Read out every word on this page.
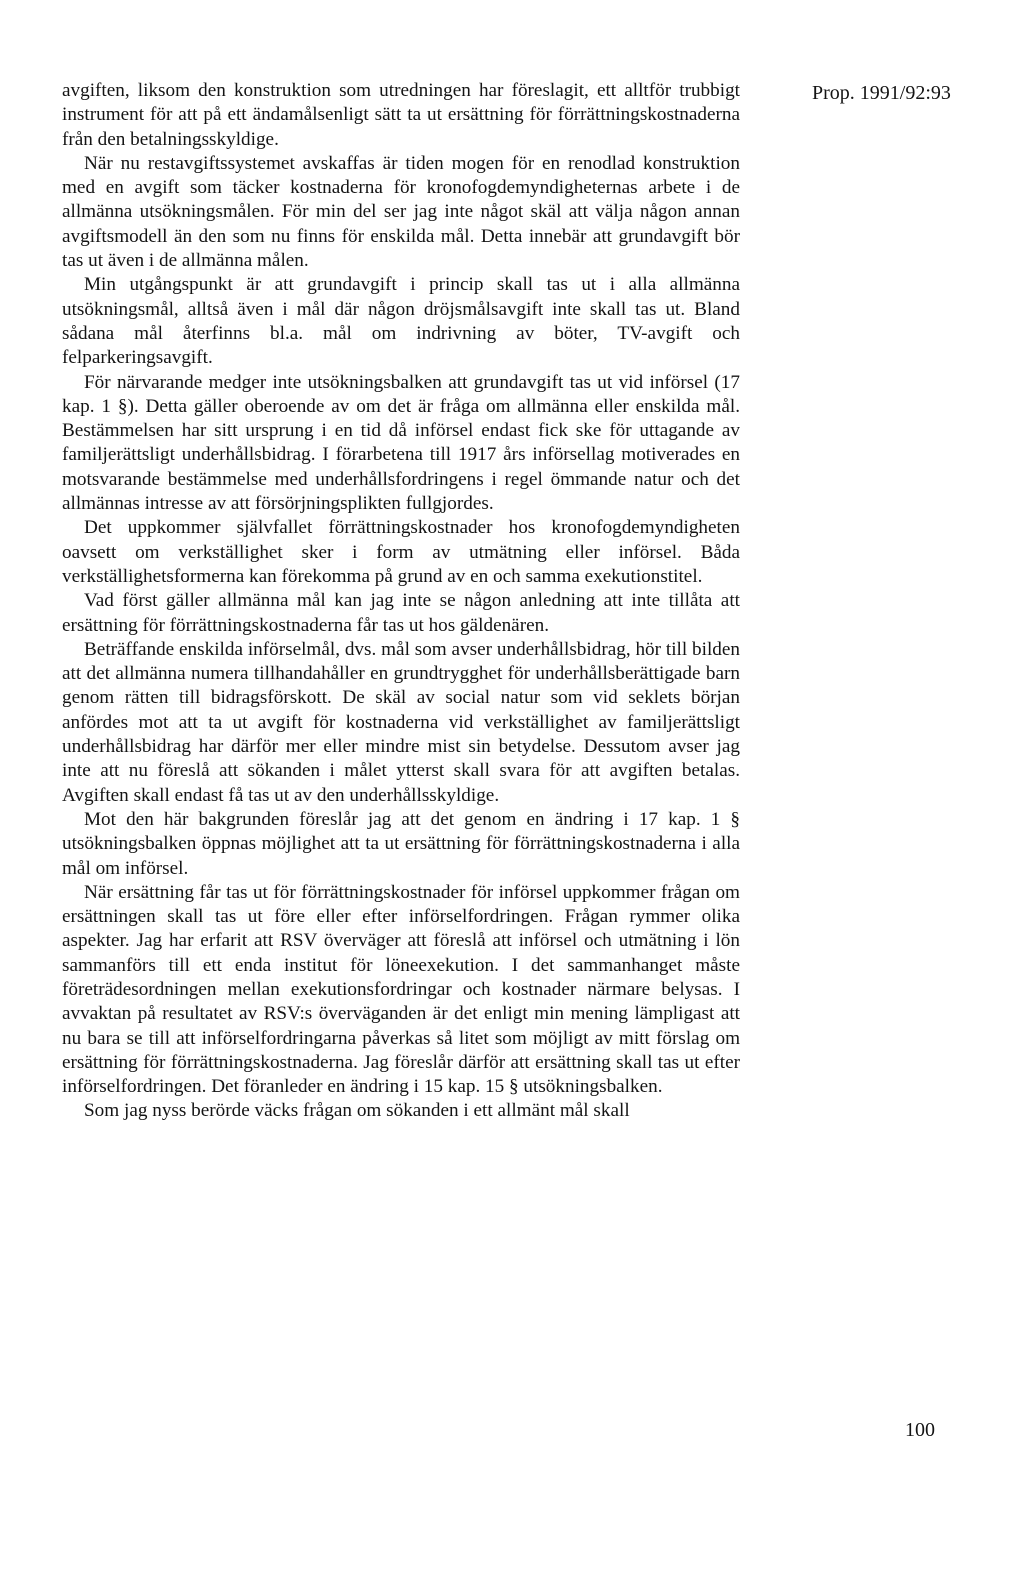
Prop. 1991/92:93

avgiften, liksom den konstruktion som utredningen har föreslagit, ett alltför trubbigt instrument för att på ett ändamålsenligt sätt ta ut ersättning för förrättningskostnaderna från den betalningsskyldige.

När nu restavgiftssystemet avskaffas är tiden mogen för en renodlad konstruktion med en avgift som täcker kostnaderna för kronofogdemyndigheternas arbete i de allmänna utsökningsmålen. För min del ser jag inte något skäl att välja någon annan avgiftsmodell än den som nu finns för enskilda mål. Detta innebär att grundavgift bör tas ut även i de allmänna målen.

Min utgångspunkt är att grundavgift i princip skall tas ut i alla allmänna utsökningsmål, alltså även i mål där någon dröjsmålsavgift inte skall tas ut. Bland sådana mål återfinns bl.a. mål om indrivning av böter, TV-avgift och felparkeringsavgift.

För närvarande medger inte utsökningsbalken att grundavgift tas ut vid införsel (17 kap. 1 §). Detta gäller oberoende av om det är fråga om allmänna eller enskilda mål. Bestämmelsen har sitt ursprung i en tid då införsel endast fick ske för uttagande av familjerättsligt underhållsbidrag. I förarbetena till 1917 års införsellag motiverades en motsvarande bestämmelse med underhållsfordringens i regel ömmande natur och det allmännas intresse av att försörjningsplikten fullgjordes.

Det uppkommer självfallet förrättningskostnader hos kronofogdemyndigheten oavsett om verkställighet sker i form av utmätning eller införsel. Båda verkställighetsformerna kan förekomma på grund av en och samma exekutionstitel.

Vad först gäller allmänna mål kan jag inte se någon anledning att inte tillåta att ersättning för förrättningskostnaderna får tas ut hos gäldenären.

Beträffande enskilda införselmål, dvs. mål som avser underhållsbidrag, hör till bilden att det allmänna numera tillhandahåller en grundtrygghet för underhållsberättigade barn genom rätten till bidragsförskott. De skäl av social natur som vid seklets början anfördes mot att ta ut avgift för kostnaderna vid verkställighet av familjerättsligt underhållsbidrag har därför mer eller mindre mist sin betydelse. Dessutom avser jag inte att nu föreslå att sökanden i målet ytterst skall svara för att avgiften betalas. Avgiften skall endast få tas ut av den underhållsskyldige.

Mot den här bakgrunden föreslår jag att det genom en ändring i 17 kap. 1 § utsökningsbalken öppnas möjlighet att ta ut ersättning för förrättningskostnaderna i alla mål om införsel.

När ersättning får tas ut för förrättningskostnader för införsel uppkommer frågan om ersättningen skall tas ut före eller efter införselfordringen. Frågan rymmer olika aspekter. Jag har erfarit att RSV överväger att föreslå att införsel och utmätning i lön sammanförs till ett enda institut för löneexekution. I det sammanhanget måste företrädesordningen mellan exekutionsfordringar och kostnader närmare belysas. I avvaktan på resultatet av RSV:s överväganden är det enligt min mening lämpligast att nu bara se till att införselfordringarna påverkas så litet som möjligt av mitt förslag om ersättning för förrättningskostnaderna. Jag föreslår därför att ersättning skall tas ut efter införselfordringen. Det föranleder en ändring i 15 kap. 15 § utsökningsbalken.

Som jag nyss berörde väcks frågan om sökanden i ett allmänt mål skall

100
